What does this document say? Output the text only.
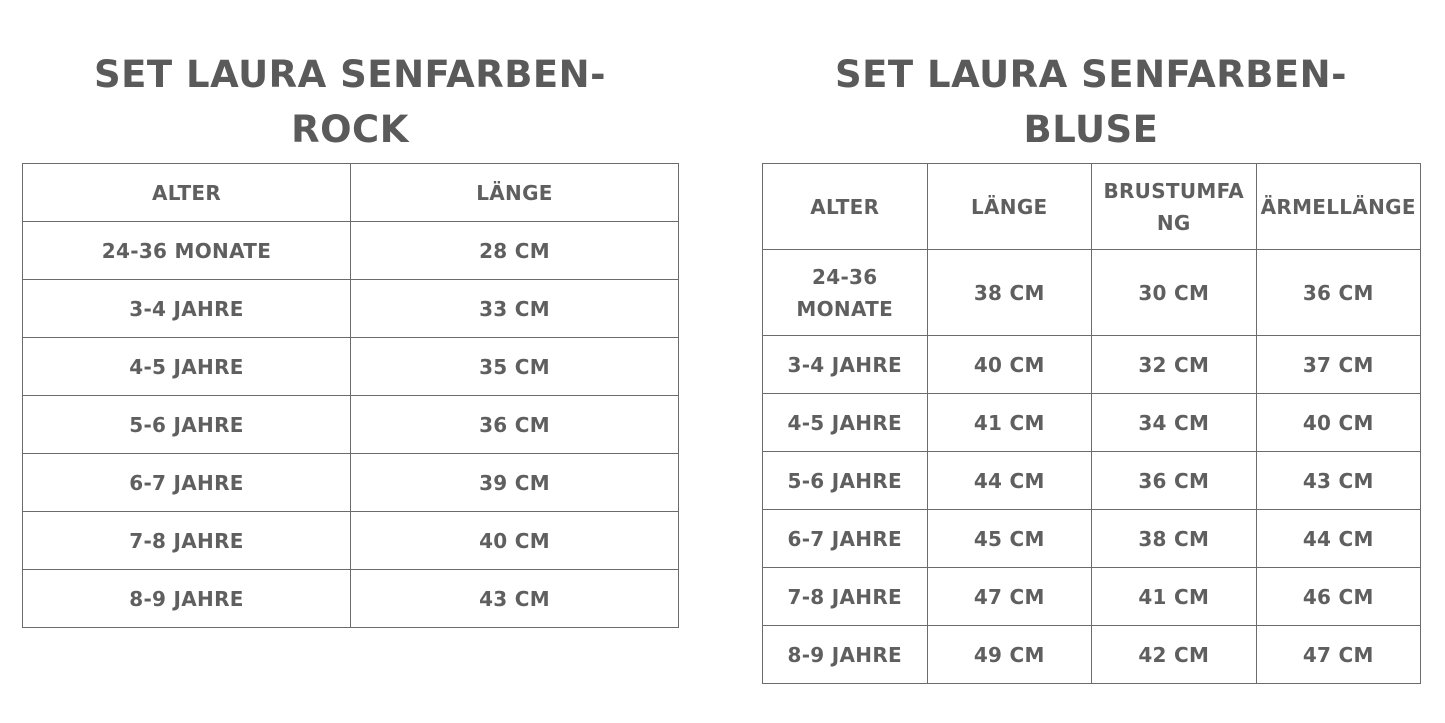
SET LAURA SENFARBEN-
ROCK
ALTER	LÄNGE
24-36 MONATE	28 CM
3-4 JAHRE	33 CM
4-5 JAHRE	35 CM
5-6 JAHRE	36 CM
6-7 JAHRE	39 CM
7-8 JAHRE	40 CM
8-9 JAHRE	43 CM
SET LAURA SENFARBEN-
BLUSE
ALTER	LÄNGE	BRUSTUMFANG	ÄRMELLÄNGE
24-36 MONATE	38 CM	30 CM	36 CM
3-4 JAHRE	40 CM	32 CM	37 CM
4-5 JAHRE	41 CM	34 CM	40 CM
5-6 JAHRE	44 CM	36 CM	43 CM
6-7 JAHRE	45 CM	38 CM	44 CM
7-8 JAHRE	47 CM	41 CM	46 CM
8-9 JAHRE	49 CM	42 CM	47 CM
